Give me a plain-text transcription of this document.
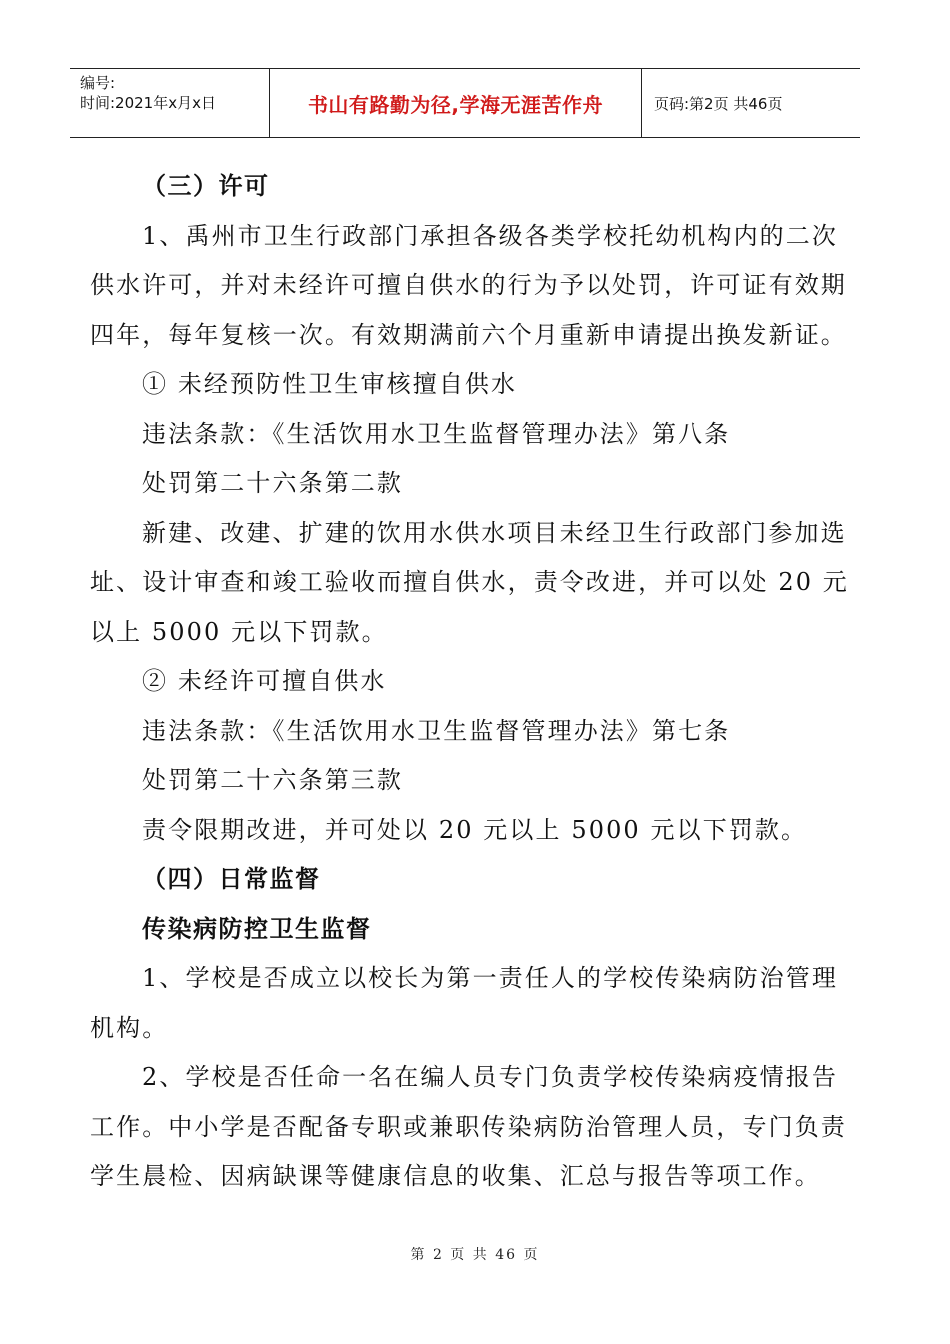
编号:
时间:2021年x月x日	书山有路勤为径,学海无涯苦作舟	页码:第2页 共46页
（三）许可
1、禹州市卫生行政部门承担各级各类学校托幼机构内的二次
供水许可，并对未经许可擅自供水的行为予以处罚，许可证有效期
四年，每年复核一次。有效期满前六个月重新申请提出换发新证。
① 未经预防性卫生审核擅自供水
违法条款：《生活饮用水卫生监督管理办法》第八条
处罚第二十六条第二款
新建、改建、扩建的饮用水供水项目未经卫生行政部门参加选
址、设计审查和竣工验收而擅自供水，责令改进，并可以处 20 元
以上 5000 元以下罚款。
② 未经许可擅自供水
违法条款：《生活饮用水卫生监督管理办法》第七条
处罚第二十六条第三款
责令限期改进，并可处以 20 元以上 5000 元以下罚款。
（四）日常监督
传染病防控卫生监督
1、学校是否成立以校长为第一责任人的学校传染病防治管理
机构。
2、学校是否任命一名在编人员专门负责学校传染病疫情报告
工作。中小学是否配备专职或兼职传染病防治管理人员，专门负责
学生晨检、因病缺课等健康信息的收集、汇总与报告等项工作。
第 2 页 共 46 页
